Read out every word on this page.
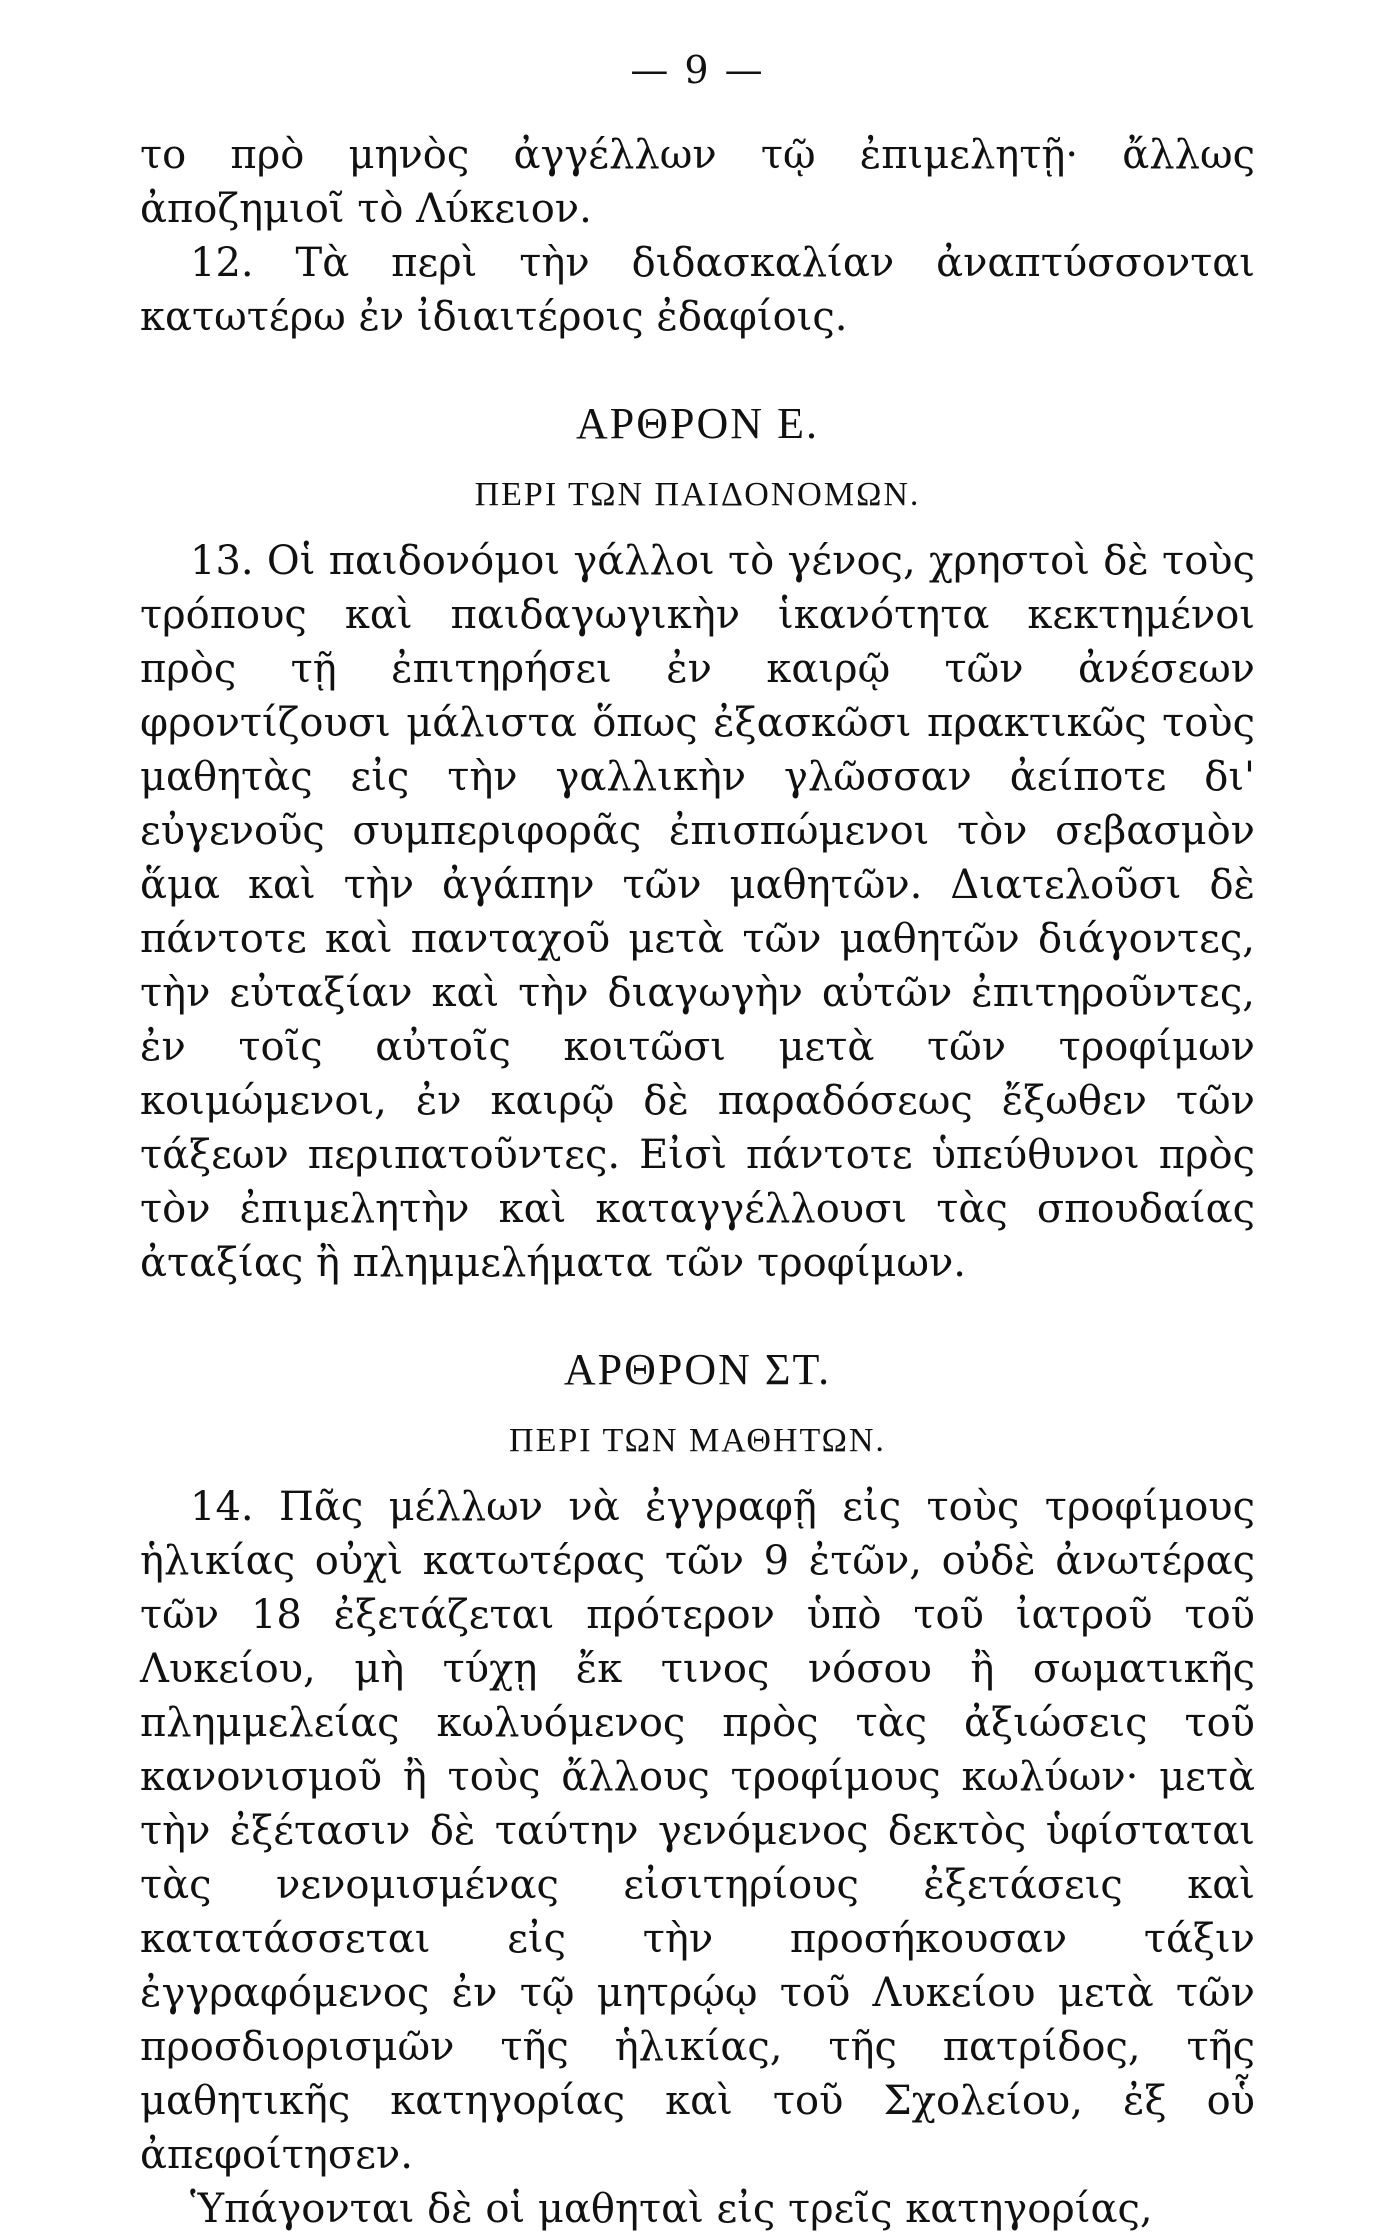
— 9 —

το πρὸ μηνὸς ἀγγέλλων τῷ ἐπιμελητῇ· ἄλλως ἀποζημιοῖ τὸ Λύκειον.

12. Τὰ περὶ τὴν διδασκαλίαν ἀναπτύσσονται κατωτέρω ἐν ἰδιαιτέροις ἐδαφίοις.

ΑΡΘΡΟΝ Ε.
ΠΕΡΙ ΤΩΝ ΠΑΙΔΟΝΟΜΩΝ.

13. Οἱ παιδονόμοι γάλλοι τὸ γένος, χρηστοὶ δὲ τοὺς τρόπους καὶ παιδαγωγικὴν ἱκανότητα κεκτημένοι πρὸς τῇ ἐπιτηρήσει ἐν καιρῷ τῶν ἀνέσεων φροντίζουσι μάλιστα ὅπως ἐξασκῶσι πρακτικῶς τοὺς μαθητὰς εἰς τὴν γαλλικὴν γλῶσσαν ἀείποτε δι' εὐγενοῦς συμπεριφορᾶς ἐπισπώμενοι τὸν σεβασμὸν ἅμα καὶ τὴν ἀγάπην τῶν μαθητῶν. Διατελοῦσι δὲ πάντοτε καὶ πανταχοῦ μετὰ τῶν μαθητῶν διάγοντες, τὴν εὐταξίαν καὶ τὴν διαγωγὴν αὐτῶν ἐπιτηροῦντες, ἐν τοῖς αὐτοῖς κοιτῶσι μετὰ τῶν τροφίμων κοιμώμενοι, ἐν καιρῷ δὲ παραδόσεως ἔξωθεν τῶν τάξεων περιπατοῦντες. Εἰσὶ πάντοτε ὑπεύθυνοι πρὸς τὸν ἐπιμελητὴν καὶ καταγγέλλουσι τὰς σπουδαίας ἀταξίας ἢ πλημμελήματα τῶν τροφίμων.

ΑΡΘΡΟΝ ΣΤ.
ΠΕΡΙ ΤΩΝ ΜΑΘΗΤΩΝ.

14. Πᾶς μέλλων νὰ ἐγγραφῇ εἰς τοὺς τροφίμους ἡλικίας οὐχὶ κατωτέρας τῶν 9 ἐτῶν, οὐδὲ ἀνωτέρας τῶν 18 ἐξετάζεται πρότερον ὑπὸ τοῦ ἰατροῦ τοῦ Λυκείου, μὴ τύχῃ ἔκ τινος νόσου ἢ σωματικῆς πλημμελείας κωλυόμενος πρὸς τὰς ἀξιώσεις τοῦ κανονισμοῦ ἢ τοὺς ἄλλους τροφίμους κωλύων· μετὰ τὴν ἐξέτασιν δὲ ταύτην γενόμενος δεκτὸς ὑφίσταται τὰς νενομισμένας εἰσιτηρίους ἐξετάσεις καὶ κατατάσσεται εἰς τὴν προσήκουσαν τάξιν ἐγγραφόμενος ἐν τῷ μητρῴῳ τοῦ Λυκείου μετὰ τῶν προσδιορισμῶν τῆς ἡλικίας, τῆς πατρίδος, τῆς μαθητικῆς κατηγορίας καὶ τοῦ Σχολείου, ἐξ οὗ ἀπεφοίτησεν.

Ὑπάγονται δὲ οἱ μαθηταὶ εἰς τρεῖς κατηγορίας,
